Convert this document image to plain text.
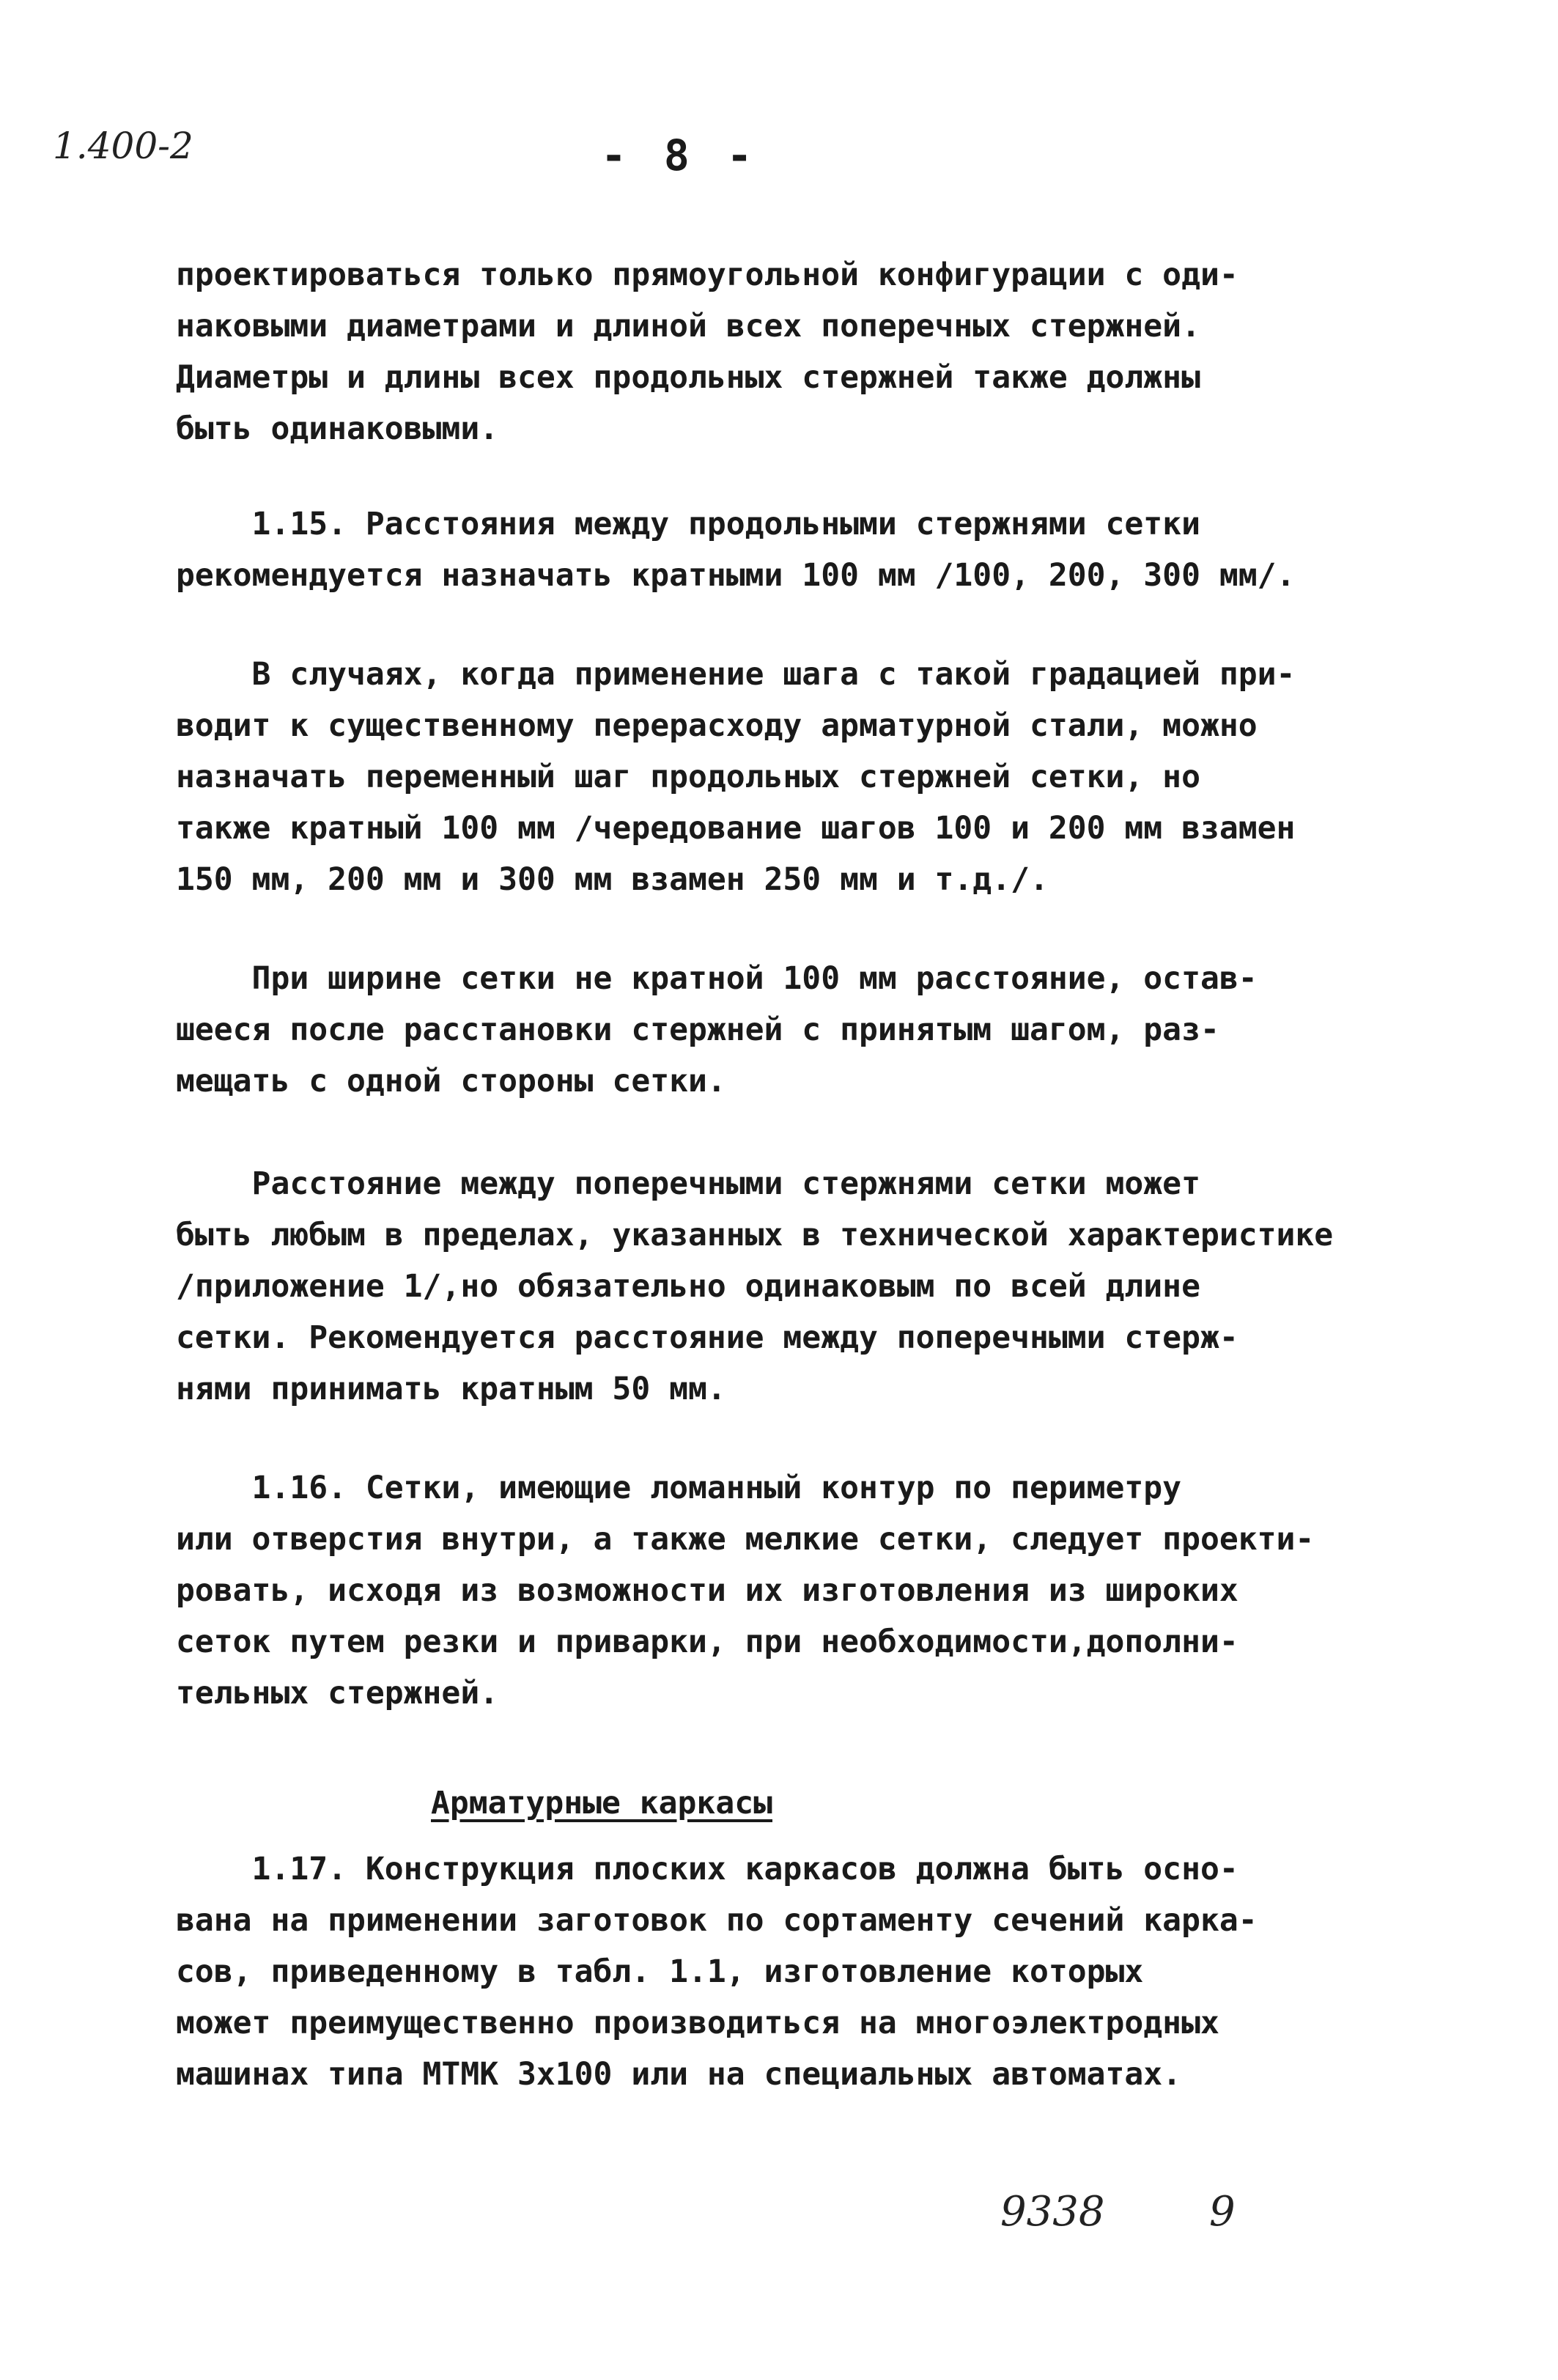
1.400-2	- 8 -
проектироваться только прямоугольной конфигурации с оди-
наковыми диаметрами и длиной всех поперечных стержней.
Диаметры и длины всех продольных стержней также должны
быть одинаковыми.
1.15. Расстояния между продольными стержнями сетки
рекомендуется назначать кратными 100 мм /100, 200, 300 мм/.
В случаях, когда применение шага с такой градацией при-
водит к существенному перерасходу арматурной стали, можно
назначать переменный шаг продольных стержней сетки, но
также кратный 100 мм /чередование шагов 100 и 200 мм взамен
150 мм, 200 мм и 300 мм взамен 250 мм и т.д./.
При ширине сетки не кратной 100 мм расстояние, остав-
шееся после расстановки стержней с принятым шагом, раз-
мещать с одной стороны сетки.
Расстояние между поперечными стержнями сетки может
быть любым в пределах, указанных в технической характеристике
/приложение 1/,но обязательно одинаковым по всей длине
сетки. Рекомендуется расстояние между поперечными стерж-
нями принимать кратным 50 мм.
1.16. Сетки, имеющие ломанный контур по периметру
или отверстия внутри, а также мелкие сетки, следует проекти-
ровать, исходя из возможности их изготовления из широких
сеток путем резки и приварки, при необходимости,дополни-
тельных стержней.
Арматурные каркасы
1.17. Конструкция плоских каркасов должна быть осно-
вана на применении заготовок по сортаменту сечений карка-
сов, приведенному в табл. 1.1, изготовление которых
может преимущественно производиться на многоэлектродных
машинах типа МТМК 3х100 или на специальных автоматах.
9338	9
